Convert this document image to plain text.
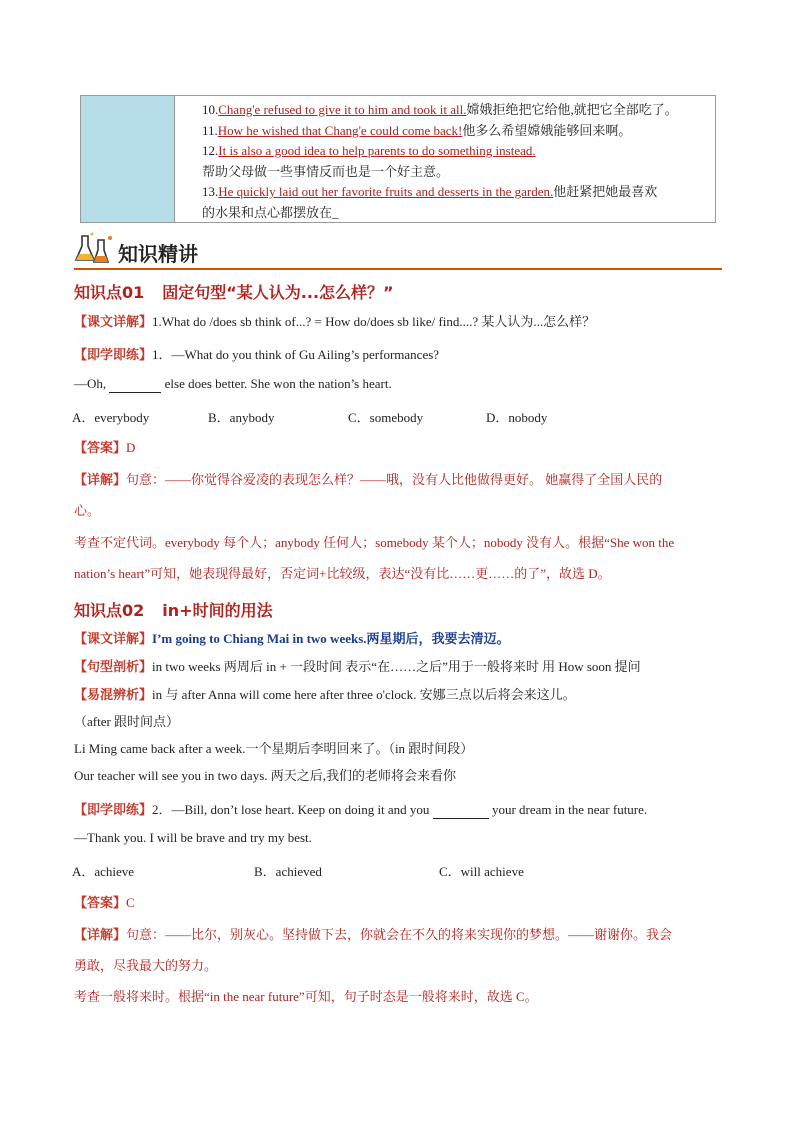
10.Chang'e refused to give it to him and took it all.嫦娥拒绝把它给他,就把它全部吃了。
11.How he wished that Chang'e could come back!他多么希望嫦娥能够回来啊。
12.It is also a good idea to help parents to do something instead.
帮助父母做一些事情反而也是一个好主意。
13.He quickly laid out her favorite fruits and desserts in the garden.他赶紧把她最喜欢
的水果和点心都摆放在_
知识精讲
知识点01 固定句型“某人认为...怎么样？”
【课文详解】1.What do /does sb think of...? = How do/does sb like/ find....? 某人认为...怎么样？
【即学即练】1．—What do you think of Gu Ailing’s performances?
—Oh,	else does better. She won the nation’s heart.
A．everybody	B．anybody	C．somebody	D．nobody
【答案】D
【详解】句意：——你觉得谷爱凌的表现怎么样？——哦，没有人比他做得更好。 她赢得了全国人民的
心。
考查不定代词。everybody 每个人；anybody 任何人；somebody 某个人；nobody 没有人。根据“She won the
nation’s heart”可知，她表现得最好，否定词+比较级，表达“没有比……更……的了”，故选 D。
知识点02 in+时间的用法
【课文详解】I’m going to Chiang Mai in two weeks.两星期后，我要去清迈。
【句型剖析】in two weeks 两周后 in + 一段时间 表示“在……之后”用于一般将来时 用 How soon 提问
【易混辨析】in 与 after Anna will come here after three o'clock. 安娜三点以后将会来这儿。
（after 跟时间点）
Li Ming came back after a week.一个星期后李明回来了。（in 跟时间段）
Our teacher will see you in two days. 两天之后,我们的老师将会来看你
【即学即练】2．—Bill, don’t lose heart. Keep on doing it and you	your dream in the near future.
—Thank you. I will be brave and try my best.
A．achieve	B．achieved	C．will achieve
【答案】C
【详解】句意：——比尔，别灰心。坚持做下去，你就会在不久的将来实现你的梦想。——谢谢你。我会
勇敢，尽我最大的努力。
考查一般将来时。根据“in the near future”可知，句子时态是一般将来时，故选 C。
